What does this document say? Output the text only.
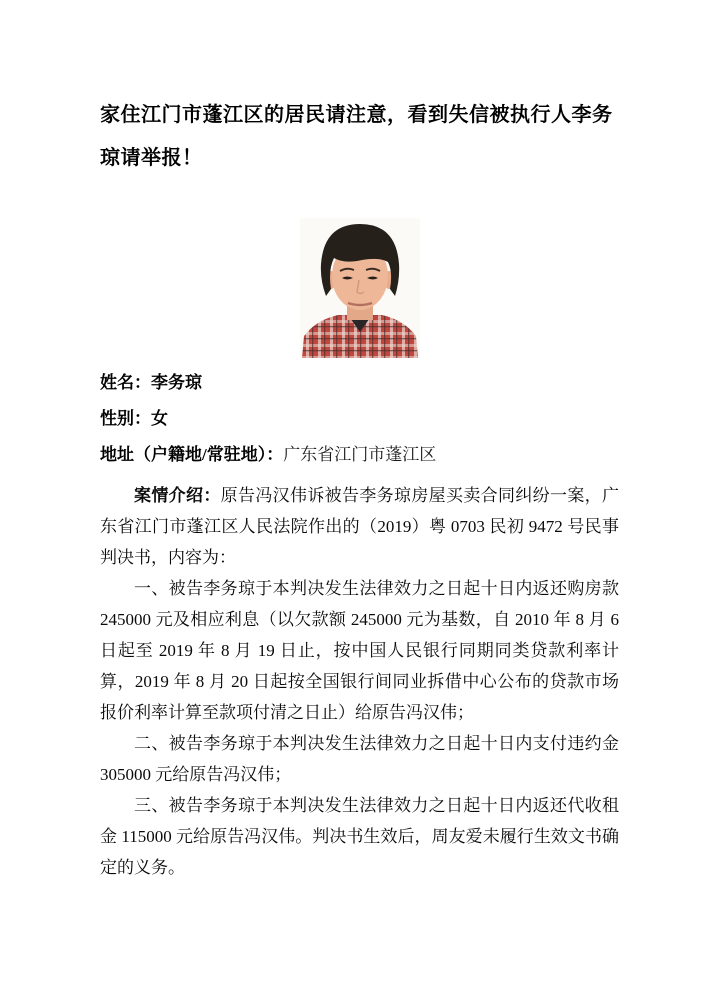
家住江门市蓬江区的居民请注意，看到失信被执行人李务琼请举报！

姓名：李务琼

性别：女

地址（户籍地/常驻地）：广东省江门市蓬江区

案情介绍：原告冯汉伟诉被告李务琼房屋买卖合同纠纷一案，广东省江门市蓬江区人民法院作出的（2019）粤 0703 民初 9472 号民事判决书，内容为：

一、被告李务琼于本判决发生法律效力之日起十日内返还购房款 245000 元及相应利息（以欠款额 245000 元为基数，自 2010 年 8 月 6 日起至 2019 年 8 月 19 日止，按中国人民银行同期同类贷款利率计算，2019 年 8 月 20 日起按全国银行间同业拆借中心公布的贷款市场报价利率计算至款项付清之日止）给原告冯汉伟；

二、被告李务琼于本判决发生法律效力之日起十日内支付违约金 305000 元给原告冯汉伟；

三、被告李务琼于本判决发生法律效力之日起十日内返还代收租金 115000 元给原告冯汉伟。判决书生效后，周友爱未履行生效文书确定的义务。
